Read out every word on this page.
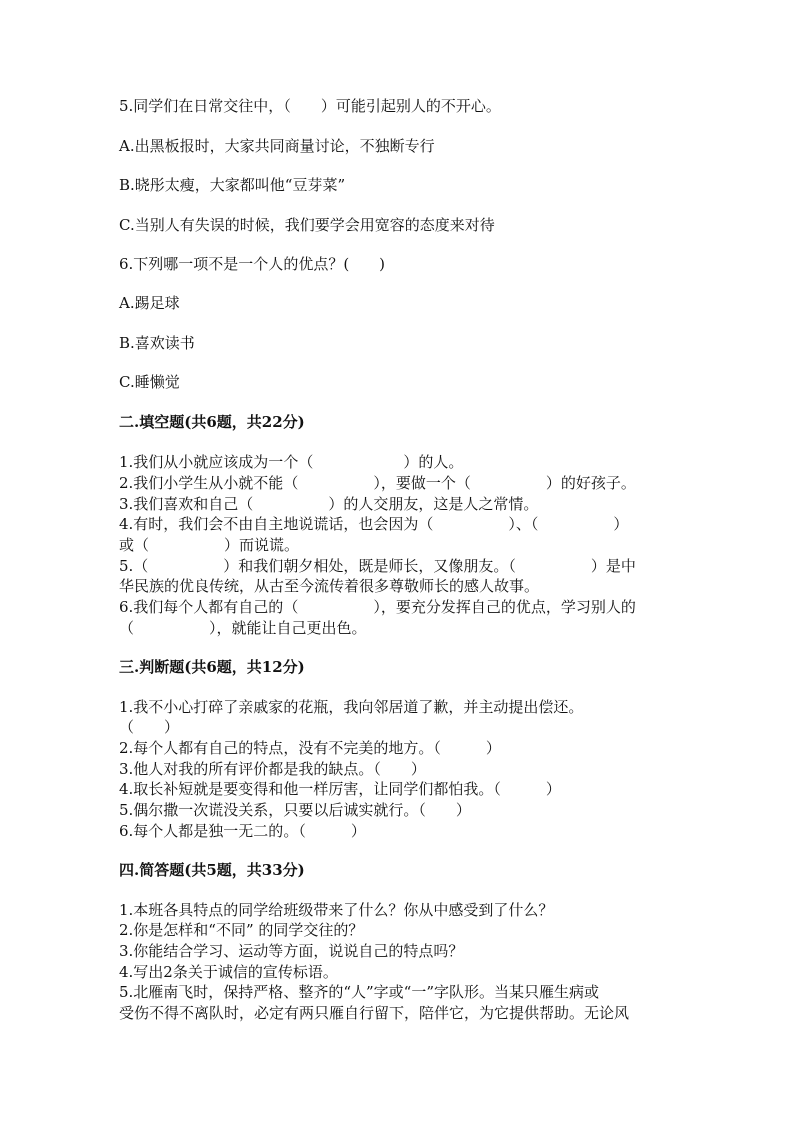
5.同学们在日常交往中，（　　）可能引起别人的不开心。
A.出黑板报时，大家共同商量讨论，不独断专行
B.晓彤太瘦，大家都叫他“豆芽菜”
C.当别人有失误的时候，我们要学会用宽容的态度来对待
6.下列哪一项不是一个人的优点？(　　)
A.踢足球
B.喜欢读书
C.睡懒觉
二.填空题(共6题，共22分)
1.我们从小就应该成为一个（　　　　　　）的人。
2.我们小学生从小就不能（　　　　　），要做一个（　　　　　）的好孩子。
3.我们喜欢和自己（　　　　　）的人交朋友，这是人之常情。
4.有时，我们会不由自主地说谎话，也会因为（　　　　　）、（　　　　　）
或（　　　　　）而说谎。
5.（　　　　　）和我们朝夕相处，既是师长，又像朋友。（　　　　　）是中
华民族的优良传统，从古至今流传着很多尊敬师长的感人故事。
6.我们每个人都有自己的（　　　　　），要充分发挥自己的优点，学习别人的
（　　　　　），就能让自己更出色。
三.判断题(共6题，共12分)
1.我不小心打碎了亲戚家的花瓶，我向邻居道了歉，并主动提出偿还。
（　　）
2.每个人都有自己的特点，没有不完美的地方。（　　　）
3.他人对我的所有评价都是我的缺点。（　　）
4.取长补短就是要变得和他一样厉害，让同学们都怕我。（　　　）
5.偶尔撒一次谎没关系，只要以后诚实就行。（　　）
6.每个人都是独一无二的。（　　　）
四.简答题(共5题，共33分)
1.本班各具特点的同学给班级带来了什么？你从中感受到了什么？
2.你是怎样和“不同” 的同学交往的？
3.你能结合学习、运动等方面，说说自己的特点吗？
4.写出2条关于诚信的宣传标语。
5.北雁南飞时，保持严格、整齐的“人”字或“一”字队形。当某只雁生病或
受伤不得不离队时，必定有两只雁自行留下，陪伴它，为它提供帮助。无论风
